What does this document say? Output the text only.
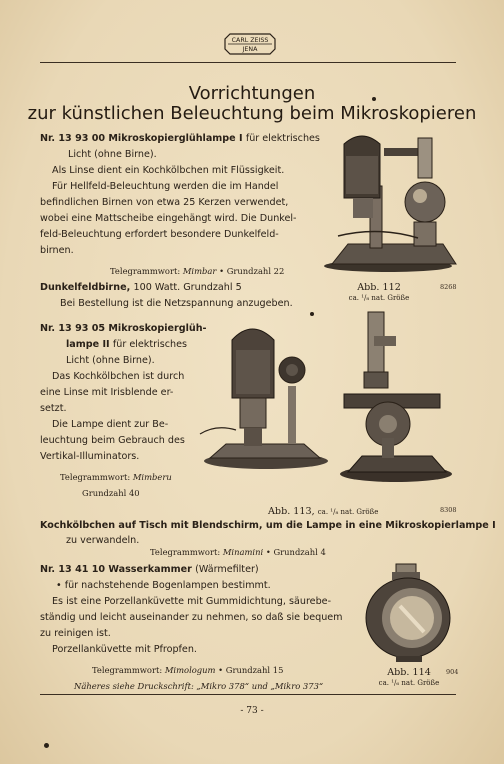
CARL ZEISS
JENA
Vorrichtungen
zur künstlichen Beleuchtung beim Mikroskopieren
Nr. 13 93 00 Mikroskopierglühlampe I für elektrisches
Licht (ohne Birne).
Als Linse dient ein Kochkölbchen mit Flüssigkeit.
Für Hellfeld-Beleuchtung werden die im Handel
befindlichen Birnen von etwa 25 Kerzen verwendet,
wobei eine Mattscheibe eingehängt wird. Die Dunkel-
feld-Beleuchtung erfordert besondere Dunkelfeld-
birnen.
Telegrammwort: Mimbar • Grundzahl 22
Dunkelfeldbirne, 100 Watt. Grundzahl 5
Bei Bestellung ist die Netzspannung anzugeben.
Abb. 112
ca. ¹/₈ nat. Größe
8268
Nr. 13 93 05 Mikroskopierglüh-
lampe II für elektrisches
Licht (ohne Birne).
Das Kochkölbchen ist durch
eine Linse mit Irisblende er-
setzt.
Die Lampe dient zur Be-
leuchtung beim Gebrauch des
Vertikal-Illuminators.
Telegrammwort: Mimberu
Grundzahl 40
Abb. 113, ca. ¹/₈ nat. Größe	8308
Kochkölbchen auf Tisch mit Blendschirm, um die Lampe in eine Mikroskopierlampe I
zu verwandeln.
Telegrammwort: Minamini • Grundzahl 4
Nr. 13 41 10 Wasserkammer (Wärmefilter)
• für nachstehende Bogenlampen bestimmt.
Es ist eine Porzellanküvette mit Gummidichtung, säurebe-
ständig und leicht auseinander zu nehmen, so daß sie bequem
zu reinigen ist.
Porzellanküvette mit Pfropfen.
Telegrammwort: Mimologum • Grundzahl 15
Näheres siehe Druckschrift: „Mikro 378“ und „Mikro 373“
Abb. 114
ca. ¹/₆ nat. Größe
904
- 73 -
